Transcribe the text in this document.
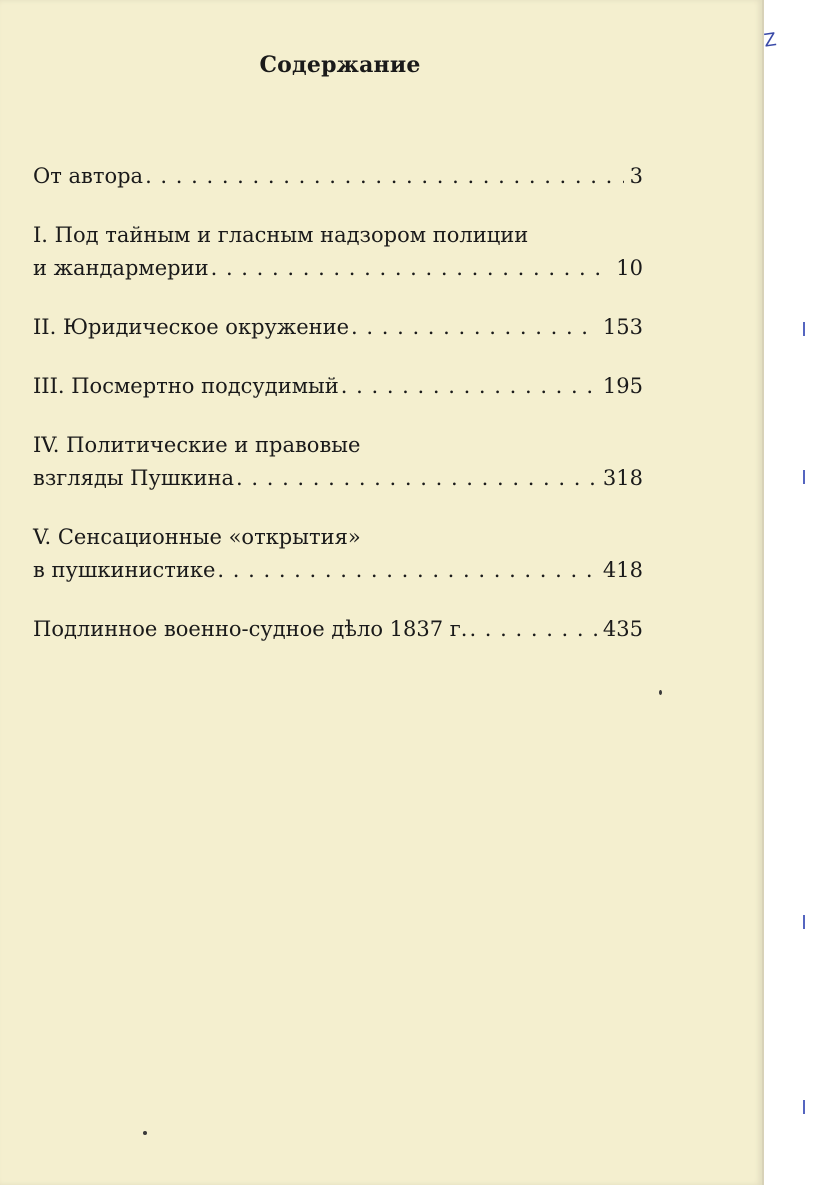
Z
Содержание
От автора . . .	3
I. Под тайным и гласным надзором полиции
и жандармерии . . .	10
II. Юридическое окружение . . .	153
III. Посмертно подсудимый . . .	195
IV. Политические и правовые
взгляды Пушкина . . .	318
V. Сенсационные «открытия»
в пушкинистике . . .	418
Подлинное военно-судное дѣло 1837 г. . . .	435
